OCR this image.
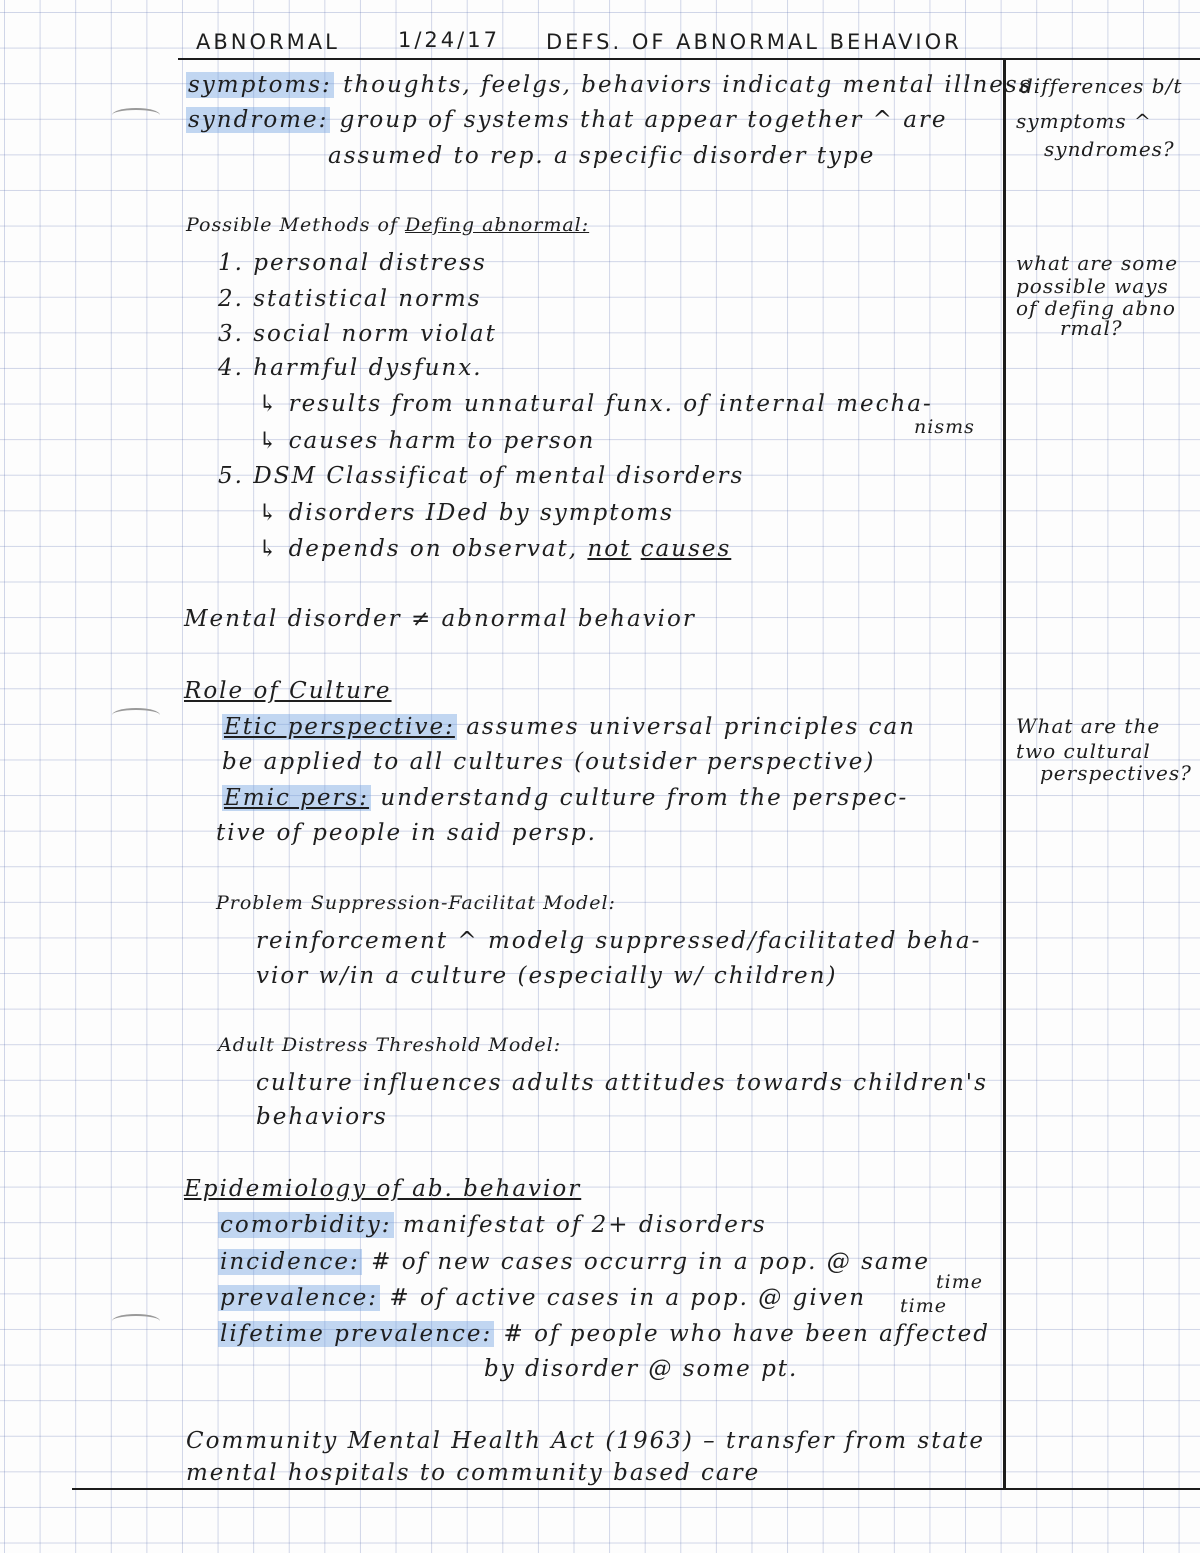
ABNORMAL	1/24/17 DEFS. OF ABNORMAL BEHAVIOR
symptoms: thoughts, feelgs, behaviors indicatg mental illness
syndrome: group of systems that appear together ^ are
assumed to rep. a specific disorder type
Possible Methods of Defing abnormal:
1. personal distress
2. statistical norms
3. social norm violat
4. harmful dysfunx.
↳ results from unnatural funx. of internal mecha-
nisms
↳ causes harm to person
5. DSM Classificat of mental disorders
↳ disorders IDed by symptoms
↳ depends on observat, not causes
Mental disorder ≠ abnormal behavior
Role of Culture
Etic perspective: assumes universal principles can
be applied to all cultures (outsider perspective)
Emic pers: understandg culture from the perspec-
tive of people in said persp.
Problem Suppression-Facilitat Model:
reinforcement ^ modelg suppressed/facilitated beha-
vior w/in a culture (especially w/ children)
Adult Distress Threshold Model:
culture influences adults attitudes towards children's
behaviors
Epidemiology of ab. behavior
comorbidity: manifestat of 2+ disorders
incidence: # of new cases occurrg in a pop. @ same
time
prevalence: # of active cases in a pop. @ given time
lifetime prevalence: # of people who have been affected
by disorder @ some pt.
Community Mental Health Act (1963) – transfer from state
mental hospitals to community based care
differences b/t
symptoms ^
syndromes?
what are some
possible ways
of defing abno
rmal?
What are the
two cultural
perspectives?
